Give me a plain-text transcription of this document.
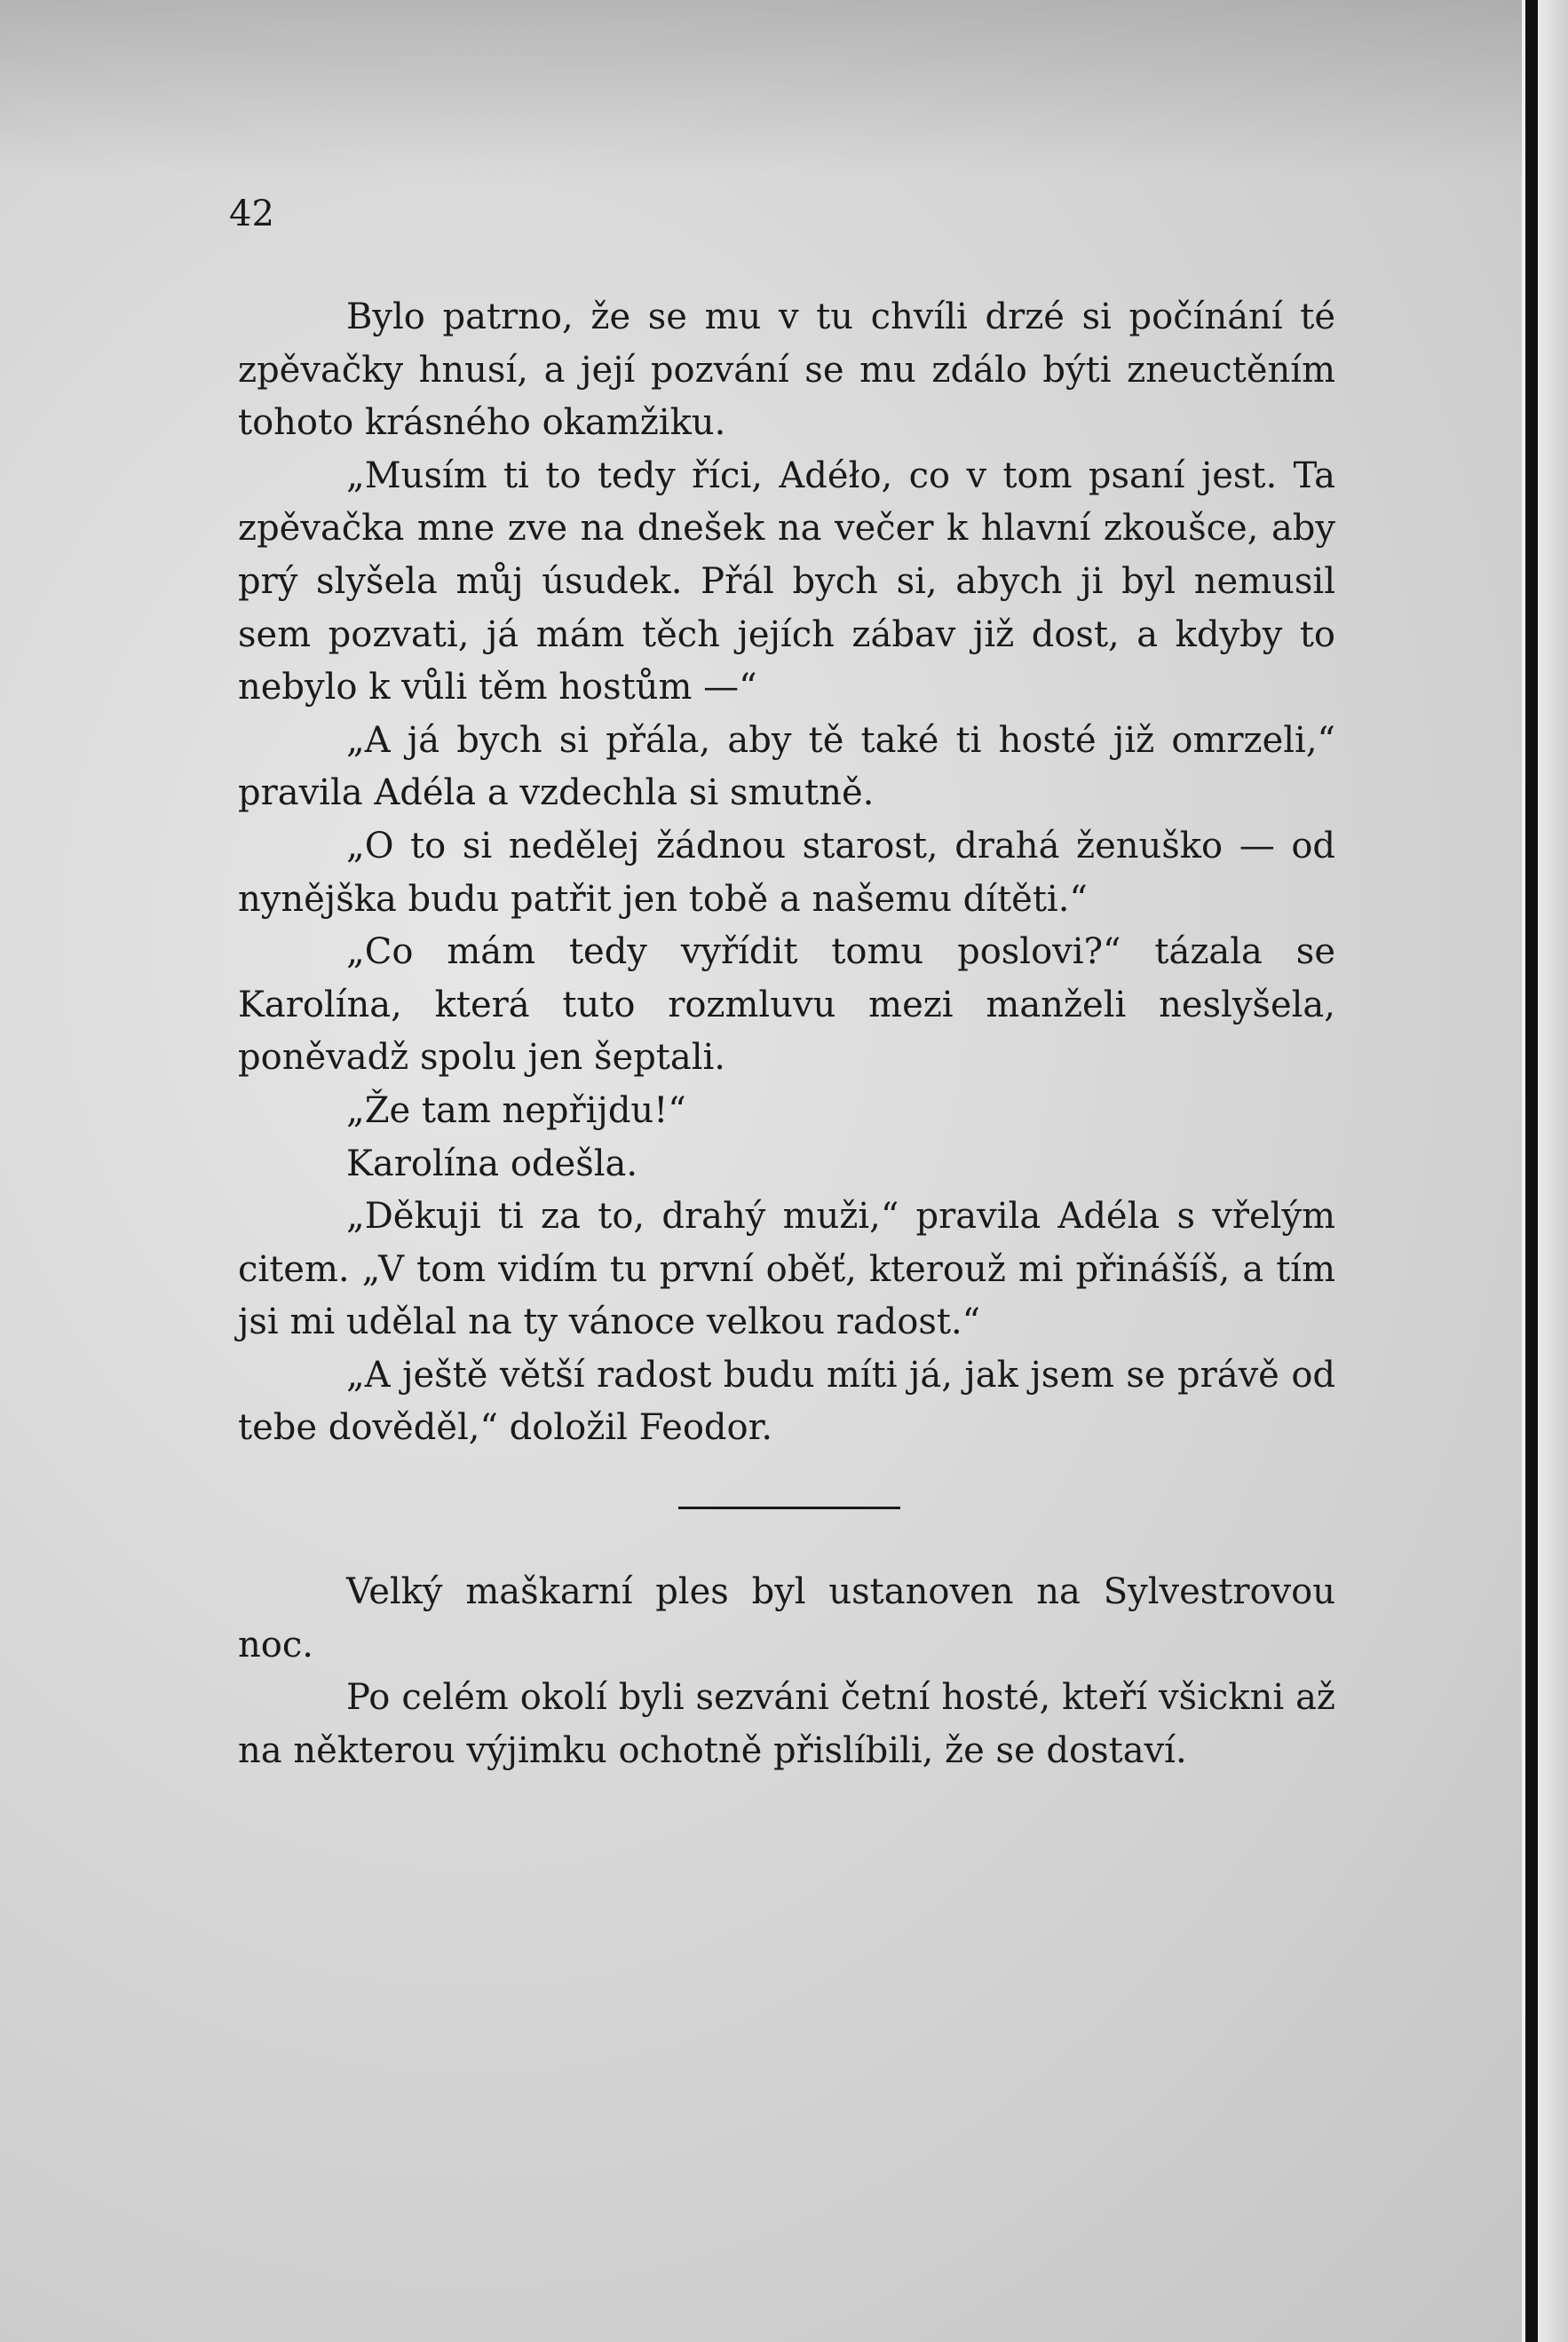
42

Bylo patrno, že se mu v tu chvíli drzé si počínání té zpěvačky hnusí, a její pozvání se mu zdálo býti zneuctěním tohoto krásného okamžiku.

„Musím ti to tedy říci, Adéło, co v tom psaní jest. Ta zpěvačka mne zve na dnešek na večer k hlavní zkoušce, aby prý slyšela můj úsudek. Přál bych si, abych ji byl nemusil sem pozvati, já mám těch jejích zábav již dost, a kdyby to nebylo k vůli těm hostům —“

„A já bych si přála, aby tě také ti hosté již omrzeli,“ pravila Adéla a vzdechla si smutně.

„O to si nedělej žádnou starost, drahá ženuško — od nynějška budu patřit jen tobě a našemu dítěti.“

„Co mám tedy vyřídit tomu poslovi?“ tázala se Karolína, která tuto rozmluvu mezi manželi neslyšela, poněvadž spolu jen šeptali.

„Že tam nepřijdu!“

Karolína odešla.

„Děkuji ti za to, drahý muži,“ pravila Adéla s vřelým citem. „V tom vidím tu první oběť, kterouž mi přinášíš, a tím jsi mi udělal na ty vánoce velkou radost.“

„A ještě větší radost budu míti já, jak jsem se právě od tebe dověděl,“ doložil Feodor.

Velký maškarní ples byl ustanoven na Sylvestrovou noc.

Po celém okolí byli sezváni četní hosté, kteří všickni až na některou výjimku ochotně přislíbili, že se dostaví.
